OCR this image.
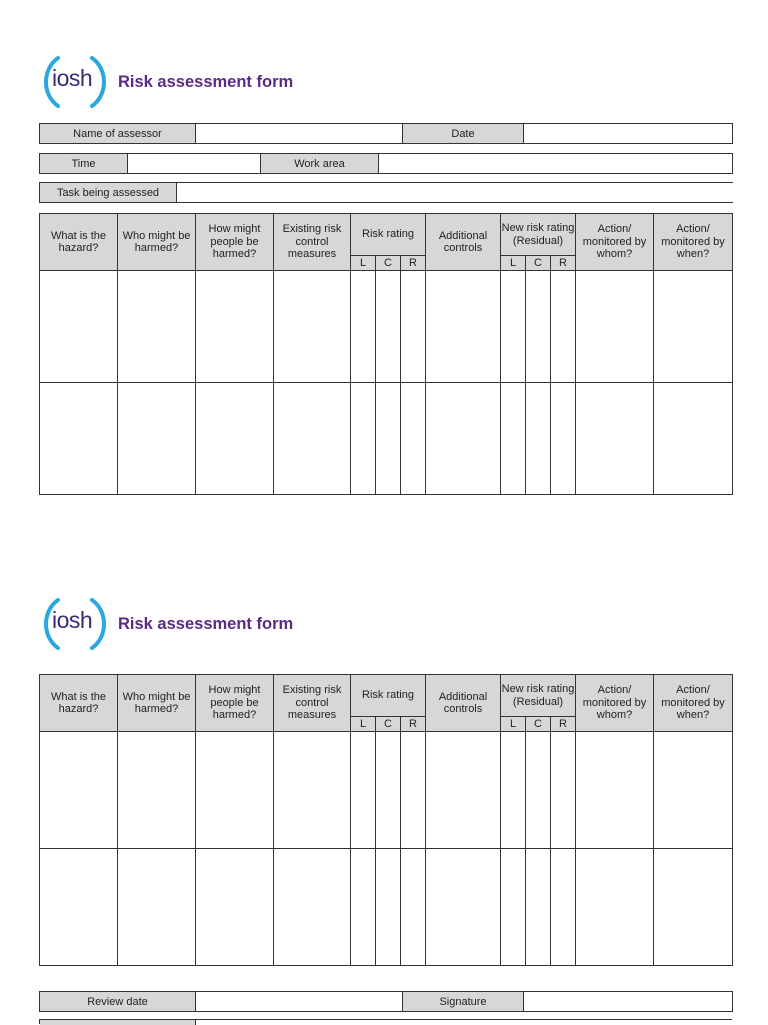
iosh Risk assessment form
Name of assessor		Date	
Time		Work area	
Task being assessed	
What is the hazard?	Who might be harmed?	How might people be harmed?	Existing risk control measures	Risk rating			Additional controls	New risk rating (Residual)			Action/ monitored by whom?	Action/ monitored by when?
				L	C	R		L	C	R		

iosh Risk assessment form
What is the hazard?	Who might be harmed?	How might people be harmed?	Existing risk control measures	Risk rating			Additional controls	New risk rating (Residual)			Action/ monitored by whom?	Action/ monitored by when?
				L	C	R		L	C	R		

Review date		Signature	
